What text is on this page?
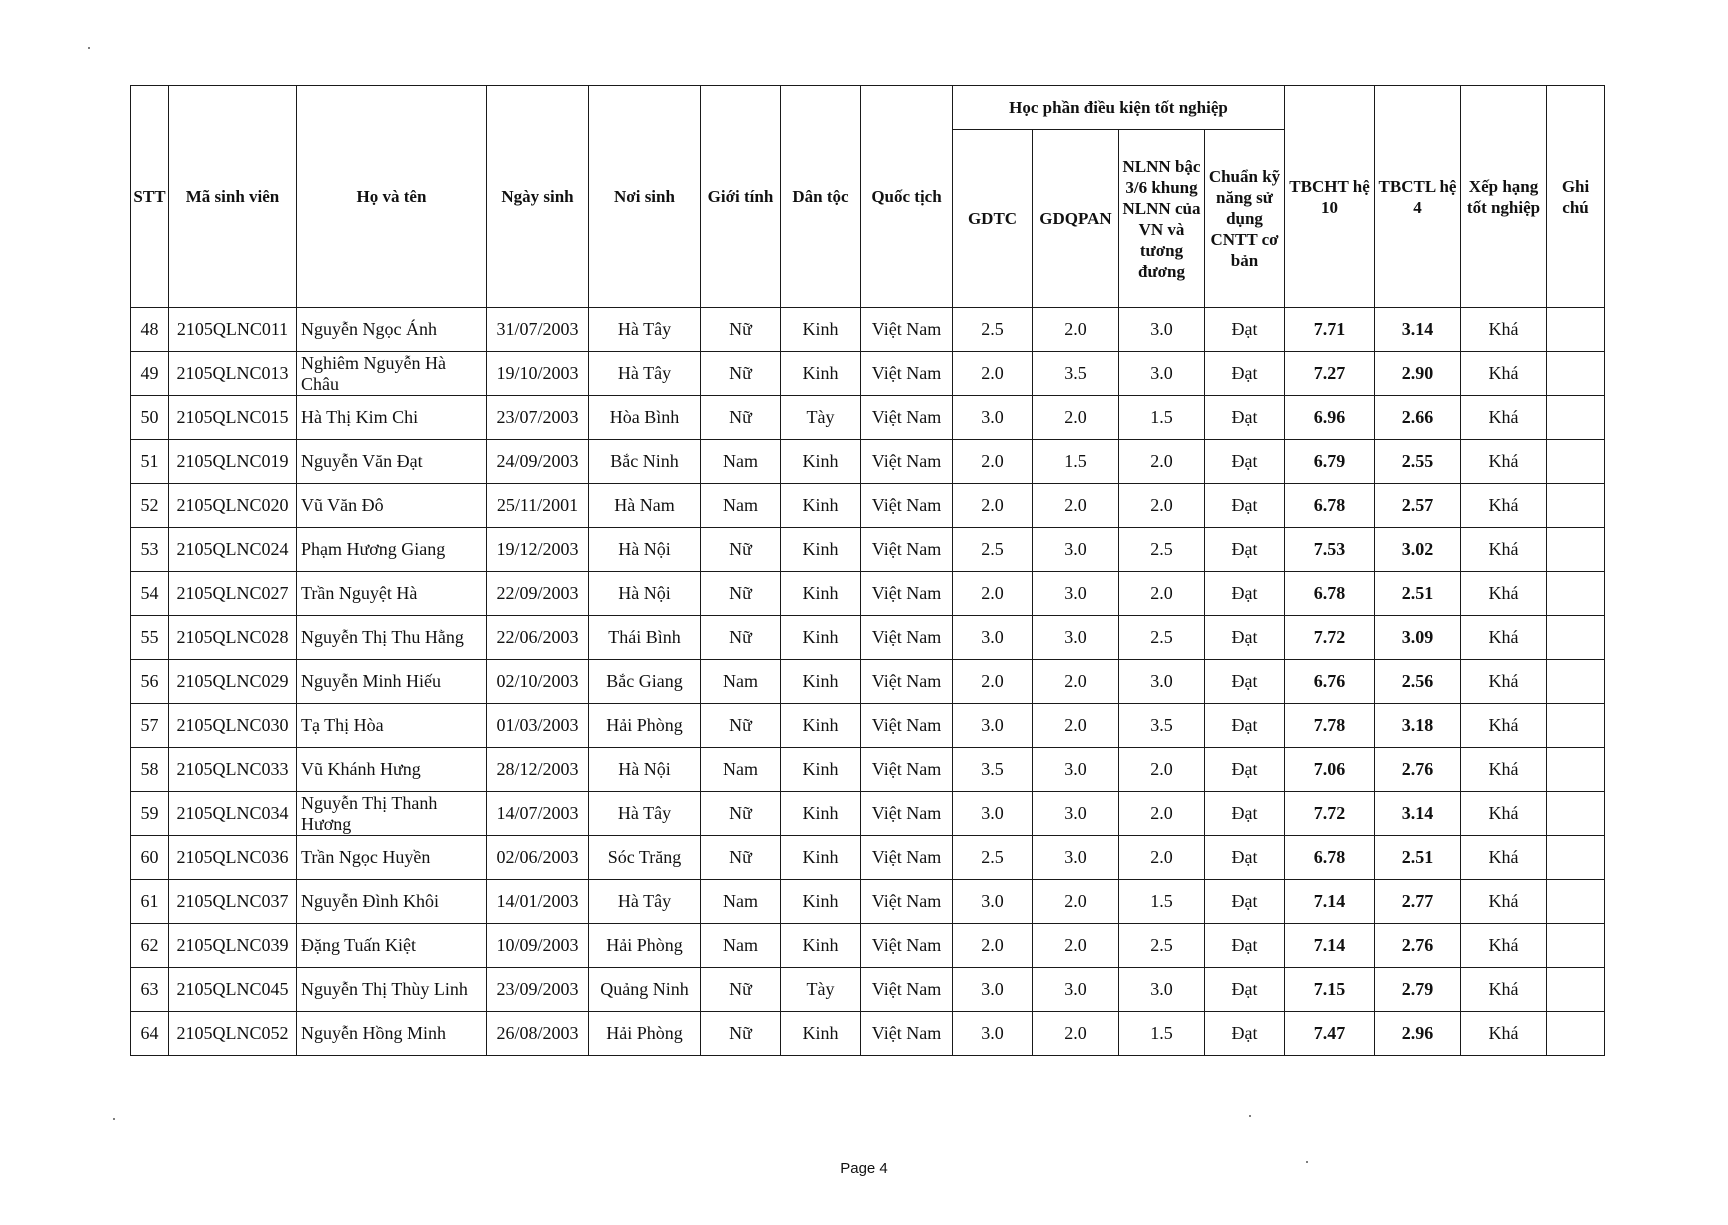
STT	Mã sinh viên	Họ và tên	Ngày sinh	Nơi sinh	Giới tính	Dân tộc	Quốc tịch	Học phần điều kiện tốt nghiệp				TBCHT hệ 10	TBCTL hệ 4	Xếp hạng tốt nghiệp	Ghi chú
								GDTC	GDQPAN	NLNN bậc 3/6 khung NLNN của VN và tương đương	Chuẩn kỹ năng sử dụng CNTT cơ bản				
48	2105QLNC011	Nguyễn Ngọc Ánh	31/07/2003	Hà Tây	Nữ	Kinh	Việt Nam	2.5	2.0	3.0	Đạt	7.71	3.14	Khá	
49	2105QLNC013	Nghiêm Nguyễn Hà Châu	19/10/2003	Hà Tây	Nữ	Kinh	Việt Nam	2.0	3.5	3.0	Đạt	7.27	2.90	Khá	
50	2105QLNC015	Hà Thị Kim Chi	23/07/2003	Hòa Bình	Nữ	Tày	Việt Nam	3.0	2.0	1.5	Đạt	6.96	2.66	Khá	
51	2105QLNC019	Nguyễn Văn Đạt	24/09/2003	Bắc Ninh	Nam	Kinh	Việt Nam	2.0	1.5	2.0	Đạt	6.79	2.55	Khá	
52	2105QLNC020	Vũ Văn Đô	25/11/2001	Hà Nam	Nam	Kinh	Việt Nam	2.0	2.0	2.0	Đạt	6.78	2.57	Khá	
53	2105QLNC024	Phạm Hương Giang	19/12/2003	Hà Nội	Nữ	Kinh	Việt Nam	2.5	3.0	2.5	Đạt	7.53	3.02	Khá	
54	2105QLNC027	Trần Nguyệt Hà	22/09/2003	Hà Nội	Nữ	Kinh	Việt Nam	2.0	3.0	2.0	Đạt	6.78	2.51	Khá	
55	2105QLNC028	Nguyễn Thị Thu Hằng	22/06/2003	Thái Bình	Nữ	Kinh	Việt Nam	3.0	3.0	2.5	Đạt	7.72	3.09	Khá	
56	2105QLNC029	Nguyễn Minh Hiếu	02/10/2003	Bắc Giang	Nam	Kinh	Việt Nam	2.0	2.0	3.0	Đạt	6.76	2.56	Khá	
57	2105QLNC030	Tạ Thị Hòa	01/03/2003	Hải Phòng	Nữ	Kinh	Việt Nam	3.0	2.0	3.5	Đạt	7.78	3.18	Khá	
58	2105QLNC033	Vũ Khánh Hưng	28/12/2003	Hà Nội	Nam	Kinh	Việt Nam	3.5	3.0	2.0	Đạt	7.06	2.76	Khá	
59	2105QLNC034	Nguyễn Thị Thanh Hương	14/07/2003	Hà Tây	Nữ	Kinh	Việt Nam	3.0	3.0	2.0	Đạt	7.72	3.14	Khá	
60	2105QLNC036	Trần Ngọc Huyền	02/06/2003	Sóc Trăng	Nữ	Kinh	Việt Nam	2.5	3.0	2.0	Đạt	6.78	2.51	Khá	
61	2105QLNC037	Nguyễn Đình Khôi	14/01/2003	Hà Tây	Nam	Kinh	Việt Nam	3.0	2.0	1.5	Đạt	7.14	2.77	Khá	
62	2105QLNC039	Đặng Tuấn Kiệt	10/09/2003	Hải Phòng	Nam	Kinh	Việt Nam	2.0	2.0	2.5	Đạt	7.14	2.76	Khá	
63	2105QLNC045	Nguyễn Thị Thùy Linh	23/09/2003	Quảng Ninh	Nữ	Tày	Việt Nam	3.0	3.0	3.0	Đạt	7.15	2.79	Khá	
64	2105QLNC052	Nguyễn Hồng Minh	26/08/2003	Hải Phòng	Nữ	Kinh	Việt Nam	3.0	2.0	1.5	Đạt	7.47	2.96	Khá	
Page 4
